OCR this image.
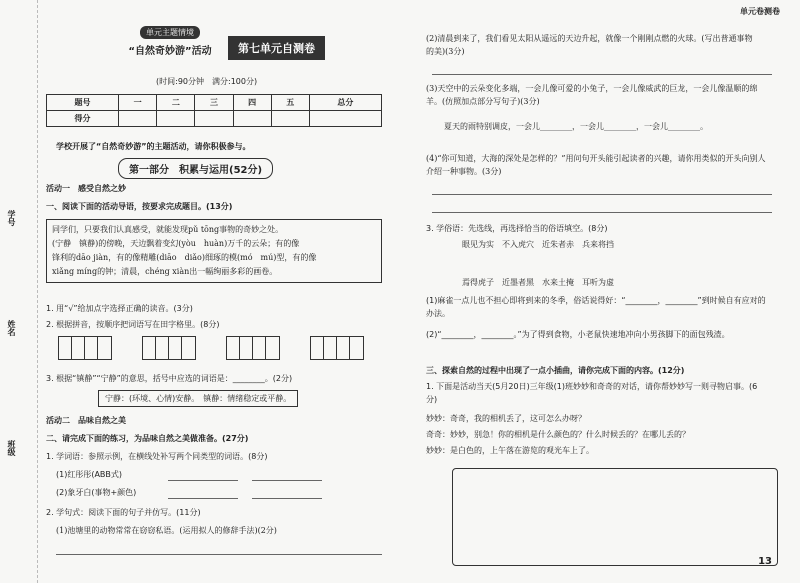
学号
姓名
班级
单元卷测卷
单元主题情境
“自然奇妙游”活动	第七单元自测卷
(时间:90分钟　满分:100分)
题号	一	二	三	四	五	总分
得分						
学校开展了“自然奇妙游”的主题活动，请你积极参与。
第一部分　积累与运用(52分)
活动一　感受自然之妙
一、阅读下面的活动导语，按要求完成题目。(13分)
同学们，只要我们认真感受，就能发现pǔ tōng事物的奇妙之处。
(宁静　镇静)的傍晚，天边飘着变幻(yòu　huàn)万千的云朵；有的像
锋利的dāo jiàn，有的像精雕(diāo　diǎo)细琢的模(mó　mú)型，有的像
xiǎng míng的钟；清晨，chéng xiàn出一幅绚丽多彩的画卷。
1. 用“√”给加点字选择正确的读音。(3分)
2. 根据拼音，按顺序把词语写在田字格里。(8分)
3. 根据“镇静”“宁静”的意思，括号中应选的词语是：________。(2分)
宁静：(环境、心情)安静。　镇静：情绪稳定或平静。
活动二　品味自然之美
二、请完成下面的练习，为品味自然之美做准备。(27分)
1. 学词语：参照示例，在横线处补写两个同类型的词语。(8分)
(1)红彤彤(ABB式)
(2)象牙白(事物+颜色)
2. 学句式：阅读下面的句子并仿写。(11分)
(1)池塘里的动物常常在窃窃私语。(运用拟人的修辞手法)(2分)
(2)清晨到来了，我们看见太阳从遥远的天边升起，就像一个刚刚点燃的火球。(写出普通事物的美)(3分)
(3)天空中的云朵变化多端，一会儿像可爱的小兔子，一会儿像威武的巨龙，一会儿像温顺的绵羊。(仿照加点部分写句子)(3分)
夏天的雨特别调皮，一会儿________，一会儿________，一会儿________。
(4)“你可知道，大海的深处是怎样的？”用问句开头能引起读者的兴趣，请你用类似的开头向别人介绍一种事物。(3分)
3. 学俗语：先选线，再选择恰当的俗语填空。(8分)
眼见为实　不入虎穴　近朱者赤　兵来将挡
焉得虎子　近墨者黑　水来土掩　耳听为虚
(1)麻雀一点儿也不担心即将到来的冬季，俗话说得好：“________，________”到时候自有应对的办法。
(2)“________，________。”为了得到食物，小老鼠快速地冲向小男孩脚下的面包残渣。
三、探索自然的过程中出现了一点小插曲，请你完成下面的内容。(12分)
1. 下面是活动当天(5月20日)三年级(1)班妙妙和奇奇的对话，请你帮妙妙写一则寻物启事。(6分)
妙妙：奇奇，我的相机丢了，这可怎么办呀？
奇奇：妙妙，别急！你的相机是什么颜色的？什么时候丢的？在哪儿丢的？
妙妙：是白色的，上午落在游览的观光车上了。
13
